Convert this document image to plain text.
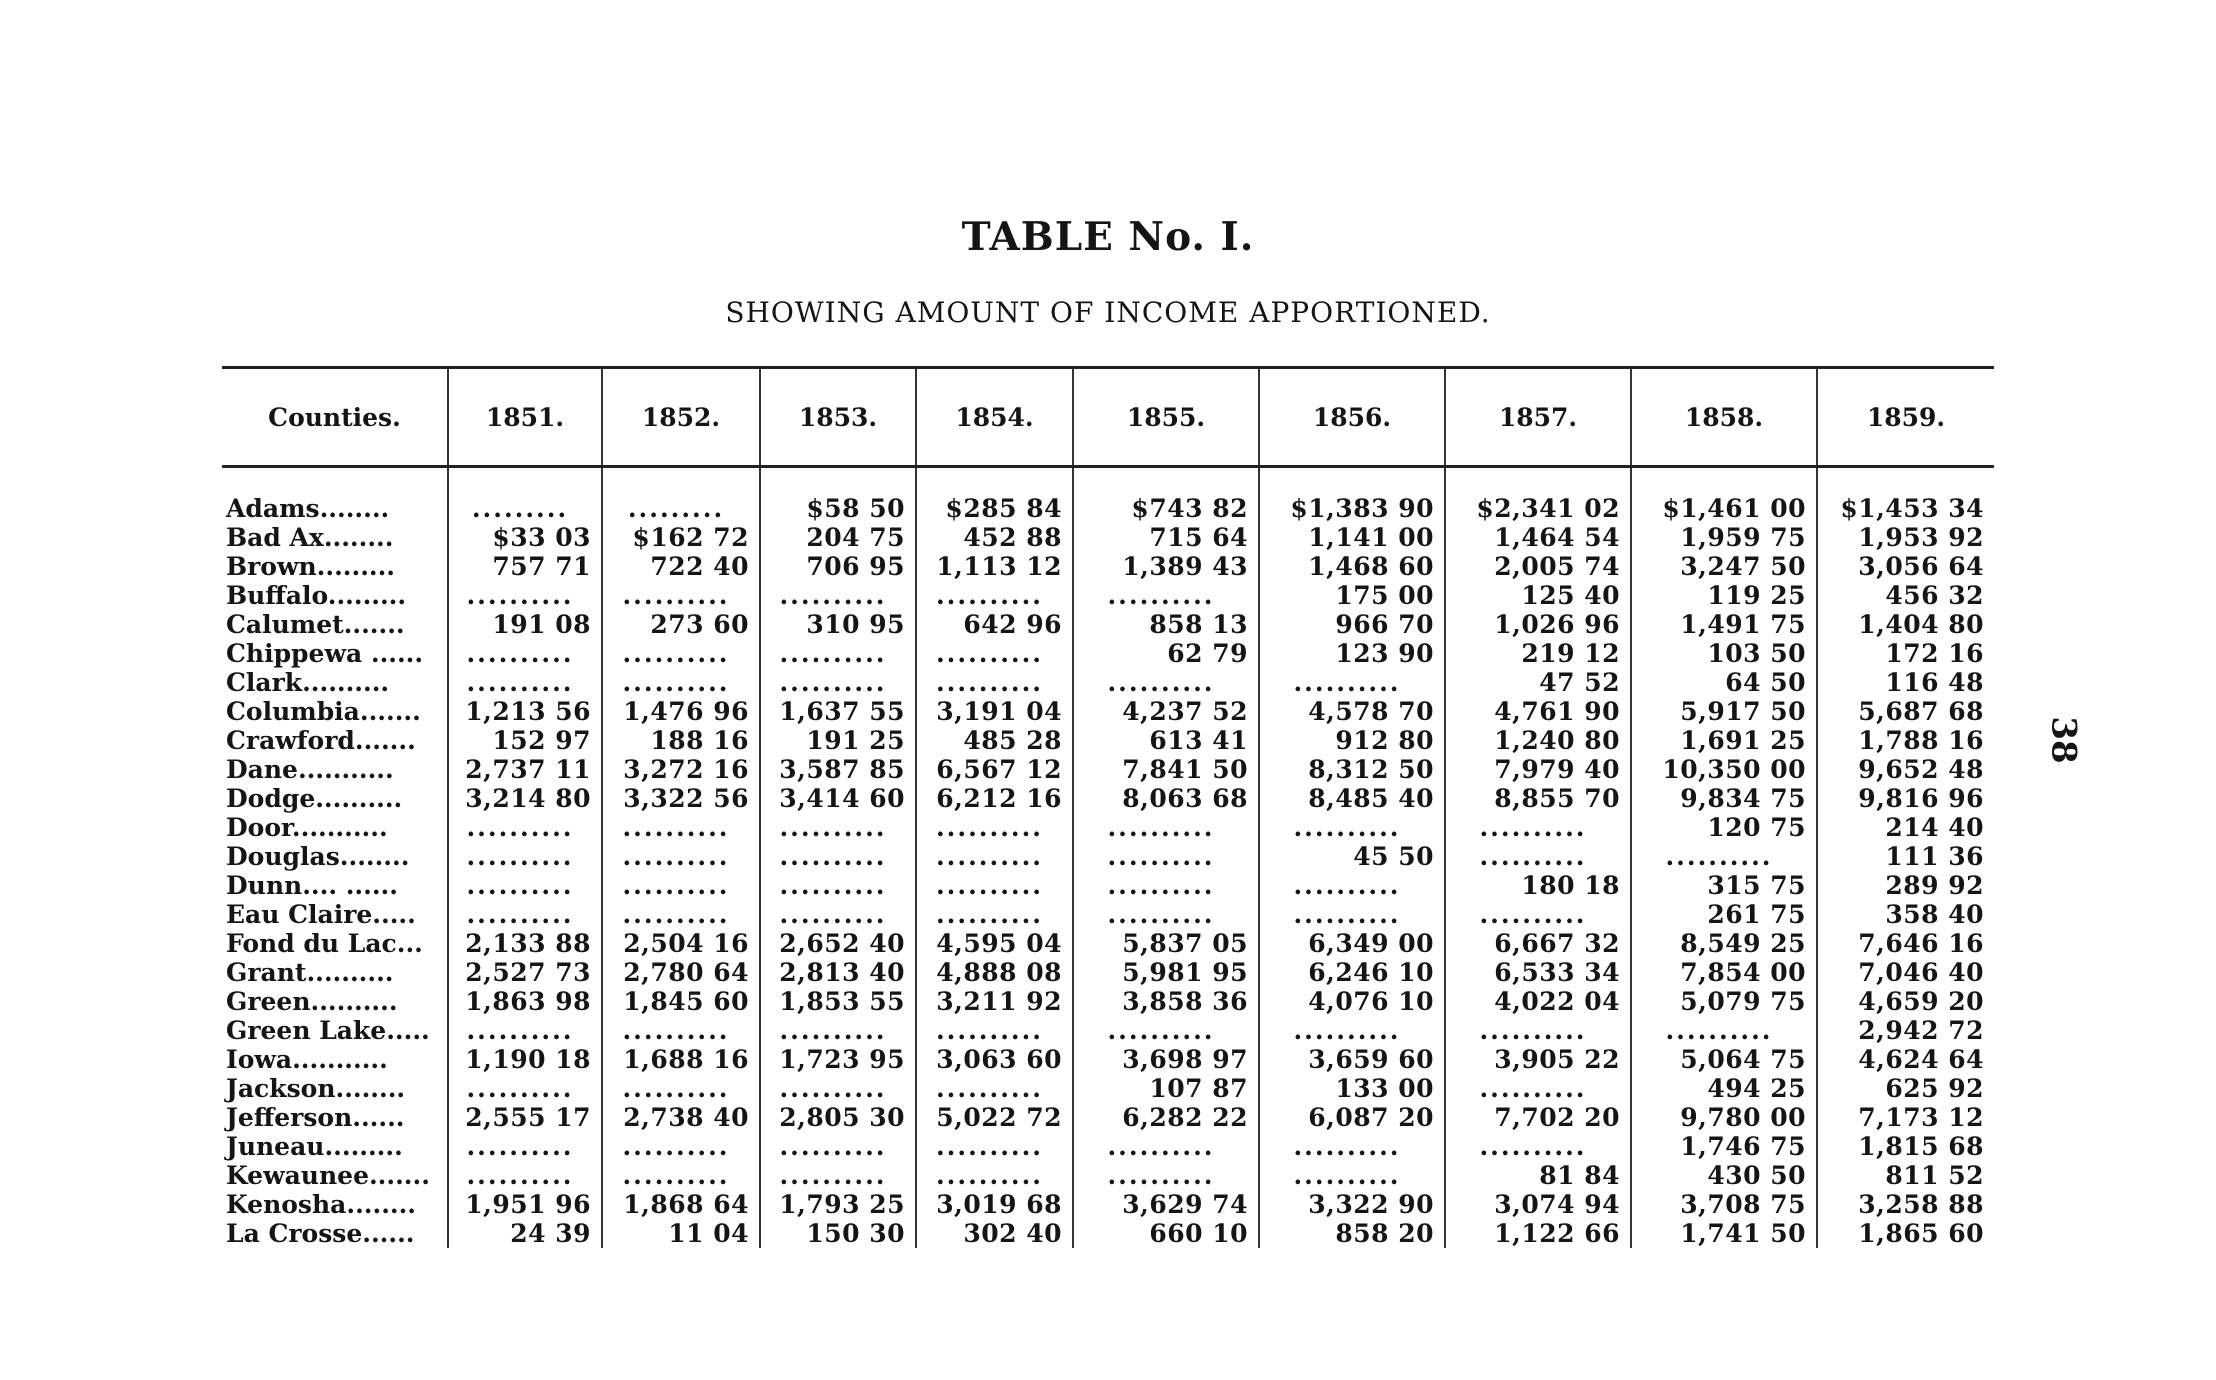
TABLE No. I.
SHOWING AMOUNT OF INCOME APPORTIONED.
38
Counties.	1851.	1852.	1853.	1854.	1855.	1856.	1857.	1858.	1859.
Adams........	.........	.........	$58 50	$285 84	$743 82	$1,383 90	$2,341 02	$1,461 00	$1,453 34
Bad Ax........	$33 03	$162 72	204 75	452 88	715 64	1,141 00	1,464 54	1,959 75	1,953 92
Brown.........	757 71	722 40	706 95	1,113 12	1,389 43	1,468 60	2,005 74	3,247 50	3,056 64
Buffalo.........	..........	..........	..........	..........	..........	175 00	125 40	119 25	456 32
Calumet.......	191 08	273 60	310 95	642 96	858 13	966 70	1,026 96	1,491 75	1,404 80
Chippewa ......	..........	..........	..........	..........	62 79	123 90	219 12	103 50	172 16
Clark..........	..........	..........	..........	..........	..........	..........	47 52	64 50	116 48
Columbia.......	1,213 56	1,476 96	1,637 55	3,191 04	4,237 52	4,578 70	4,761 90	5,917 50	5,687 68
Crawford.......	152 97	188 16	191 25	485 28	613 41	912 80	1,240 80	1,691 25	1,788 16
Dane...........	2,737 11	3,272 16	3,587 85	6,567 12	7,841 50	8,312 50	7,979 40	10,350 00	9,652 48
Dodge..........	3,214 80	3,322 56	3,414 60	6,212 16	8,063 68	8,485 40	8,855 70	9,834 75	9,816 96
Door...........	..........	..........	..........	..........	..........	..........	..........	120 75	214 40
Douglas........	..........	..........	..........	..........	..........	45 50	..........	..........	111 36
Dunn.... ......	..........	..........	..........	..........	..........	..........	180 18	315 75	289 92
Eau Claire.....	..........	..........	..........	..........	..........	..........	..........	261 75	358 40
Fond du Lac...	2,133 88	2,504 16	2,652 40	4,595 04	5,837 05	6,349 00	6,667 32	8,549 25	7,646 16
Grant..........	2,527 73	2,780 64	2,813 40	4,888 08	5,981 95	6,246 10	6,533 34	7,854 00	7,046 40
Green..........	1,863 98	1,845 60	1,853 55	3,211 92	3,858 36	4,076 10	4,022 04	5,079 75	4,659 20
Green Lake.....	..........	..........	..........	..........	..........	..........	..........	..........	2,942 72
Iowa...........	1,190 18	1,688 16	1,723 95	3,063 60	3,698 97	3,659 60	3,905 22	5,064 75	4,624 64
Jackson........	..........	..........	..........	..........	107 87	133 00	..........	494 25	625 92
Jefferson......	2,555 17	2,738 40	2,805 30	5,022 72	6,282 22	6,087 20	7,702 20	9,780 00	7,173 12
Juneau.........	..........	..........	..........	..........	..........	..........	..........	1,746 75	1,815 68
Kewaunee.......	..........	..........	..........	..........	..........	..........	81 84	430 50	811 52
Kenosha........	1,951 96	1,868 64	1,793 25	3,019 68	3,629 74	3,322 90	3,074 94	3,708 75	3,258 88
La Crosse......	24 39	11 04	150 30	302 40	660 10	858 20	1,122 66	1,741 50	1,865 60
